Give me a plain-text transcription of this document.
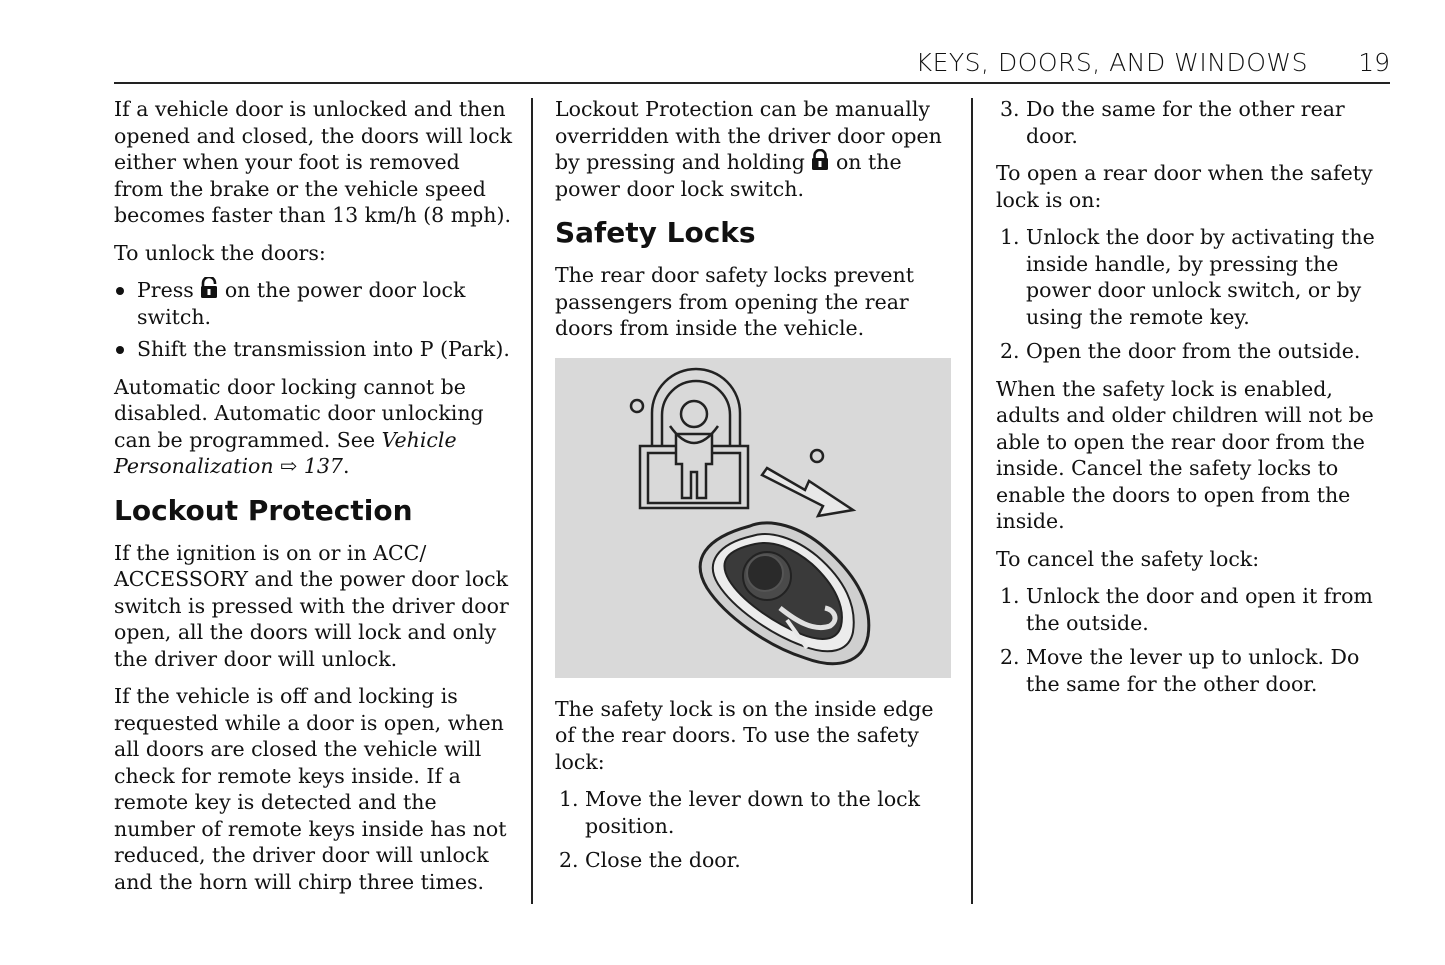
KEYS, DOORS, AND WINDOWS 19

If a vehicle door is unlocked and then opened and closed, the doors will lock either when your foot is removed from the brake or the vehicle speed becomes faster than 13 km/h (8 mph).

To unlock the doors:

Press on the power door lock switch.
Shift the transmission into P (Park).

Automatic door locking cannot be disabled. Automatic door unlocking can be programmed. See Vehicle Personalization ⇨ 137.

Lockout Protection

If the ignition is on or in ACC/ ACCESSORY and the power door lock switch is pressed with the driver door open, all the doors will lock and only the driver door will unlock.

If the vehicle is off and locking is requested while a door is open, when all doors are closed the vehicle will check for remote keys inside. If a remote key is detected and the number of remote keys inside has not reduced, the driver door will unlock and the horn will chirp three times.

Lockout Protection can be manually overridden with the driver door open by pressing and holding on the power door lock switch.

Safety Locks

The rear door safety locks prevent passengers from opening the rear doors from inside the vehicle.

The safety lock is on the inside edge of the rear doors. To use the safety lock:

1. Move the lever down to the lock position.
2. Close the door.
3. Do the same for the other rear door.

To open a rear door when the safety lock is on:

1. Unlock the door by activating the inside handle, by pressing the power door unlock switch, or by using the remote key.
2. Open the door from the outside.

When the safety lock is enabled, adults and older children will not be able to open the rear door from the inside. Cancel the safety locks to enable the doors to open from the inside.

To cancel the safety lock:

1. Unlock the door and open it from the outside.
2. Move the lever up to unlock. Do the same for the other door.
